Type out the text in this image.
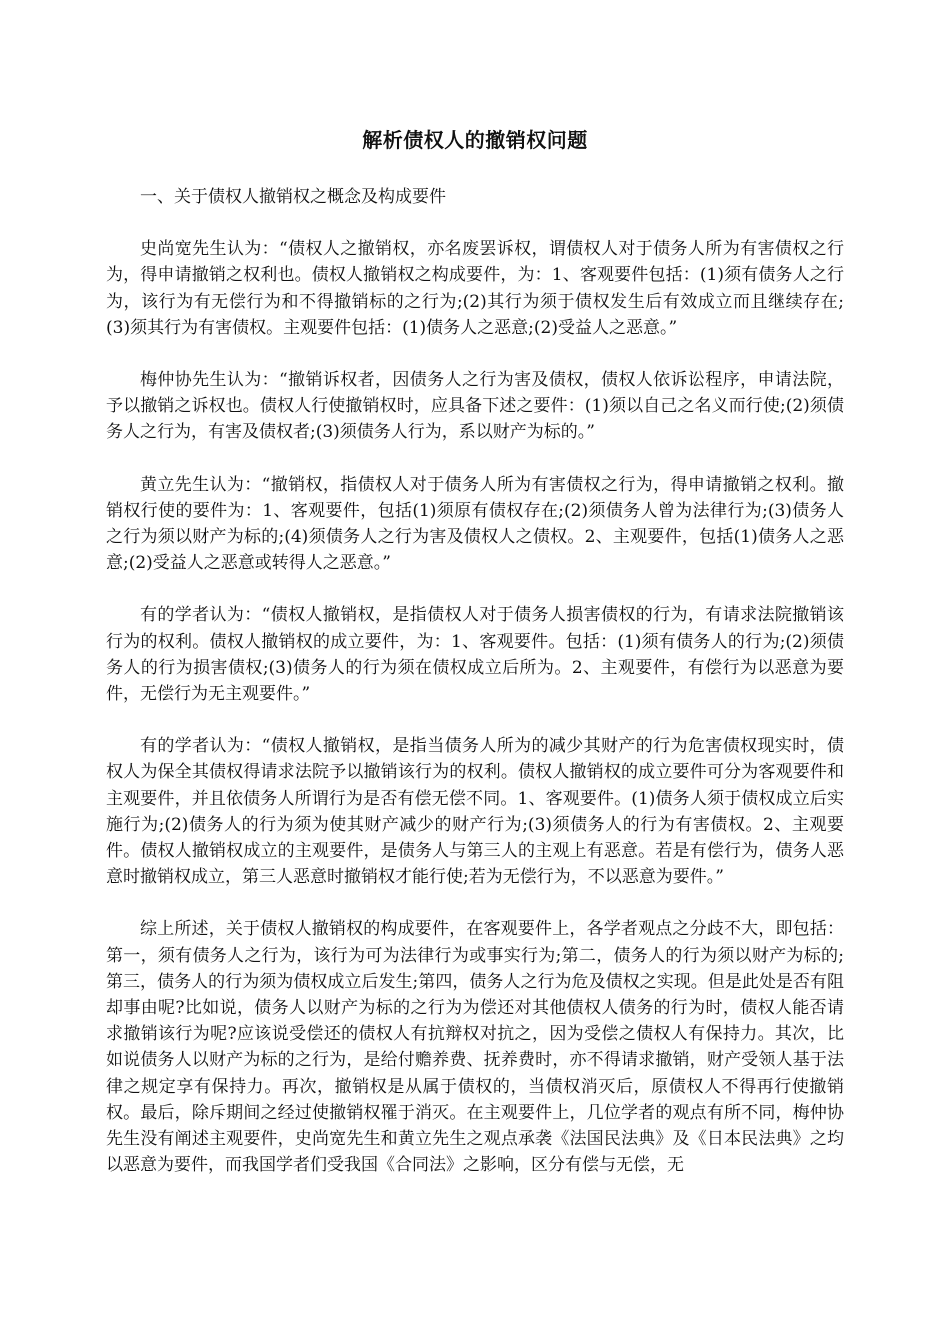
解析债权人的撤销权问题

一、关于债权人撤销权之概念及构成要件

史尚宽先生认为：“债权人之撤销权，亦名废罢诉权，谓债权人对于债务人所为有害债权之行为，得申请撤销之权利也。债权人撤销权之构成要件，为：1、客观要件包括：(1)须有债务人之行为，该行为有无偿行为和不得撤销标的之行为;(2)其行为须于债权发生后有效成立而且继续存在;(3)须其行为有害债权。主观要件包括：(1)债务人之恶意;(2)受益人之恶意。”

梅仲协先生认为：“撤销诉权者，因债务人之行为害及债权，债权人依诉讼程序，申请法院，予以撤销之诉权也。债权人行使撤销权时，应具备下述之要件：(1)须以自己之名义而行使;(2)须债务人之行为，有害及债权者;(3)须债务人行为，系以财产为标的。”

黄立先生认为：“撤销权，指债权人对于债务人所为有害债权之行为，得申请撤销之权利。撤销权行使的要件为：1、客观要件，包括(1)须原有债权存在;(2)须债务人曾为法律行为;(3)债务人之行为须以财产为标的;(4)须债务人之行为害及债权人之债权。2、主观要件，包括(1)债务人之恶意;(2)受益人之恶意或转得人之恶意。”

有的学者认为：“债权人撤销权，是指债权人对于债务人损害债权的行为，有请求法院撤销该行为的权利。债权人撤销权的成立要件，为：1、客观要件。包括：(1)须有债务人的行为;(2)须债务人的行为损害债权;(3)债务人的行为须在债权成立后所为。2、主观要件，有偿行为以恶意为要件，无偿行为无主观要件。”

有的学者认为：“债权人撤销权，是指当债务人所为的减少其财产的行为危害债权现实时，债权人为保全其债权得请求法院予以撤销该行为的权利。债权人撤销权的成立要件可分为客观要件和主观要件，并且依债务人所谓行为是否有偿无偿不同。1、客观要件。(1)债务人须于债权成立后实施行为;(2)债务人的行为须为使其财产减少的财产行为;(3)须债务人的行为有害债权。2、主观要件。债权人撤销权成立的主观要件，是债务人与第三人的主观上有恶意。若是有偿行为，债务人恶意时撤销权成立，第三人恶意时撤销权才能行使;若为无偿行为，不以恶意为要件。”

综上所述，关于债权人撤销权的构成要件，在客观要件上，各学者观点之分歧不大，即包括：第一，须有债务人之行为，该行为可为法律行为或事实行为;第二，债务人的行为须以财产为标的;第三，债务人的行为须为债权成立后发生;第四，债务人之行为危及债权之实现。但是此处是否有阻却事由呢?比如说，债务人以财产为标的之行为为偿还对其他债权人债务的行为时，债权人能否请求撤销该行为呢?应该说受偿还的债权人有抗辩权对抗之，因为受偿之债权人有保持力。其次，比如说债务人以财产为标的之行为，是给付赡养费、抚养费时，亦不得请求撤销，财产受领人基于法律之规定享有保持力。再次，撤销权是从属于债权的，当债权消灭后，原债权人不得再行使撤销权。最后，除斥期间之经过使撤销权罹于消灭。在主观要件上，几位学者的观点有所不同，梅仲协先生没有阐述主观要件，史尚宽先生和黄立先生之观点承袭《法国民法典》及《日本民法典》之均以恶意为要件，而我国学者们受我国《合同法》之影响，区分有偿与无偿，无
